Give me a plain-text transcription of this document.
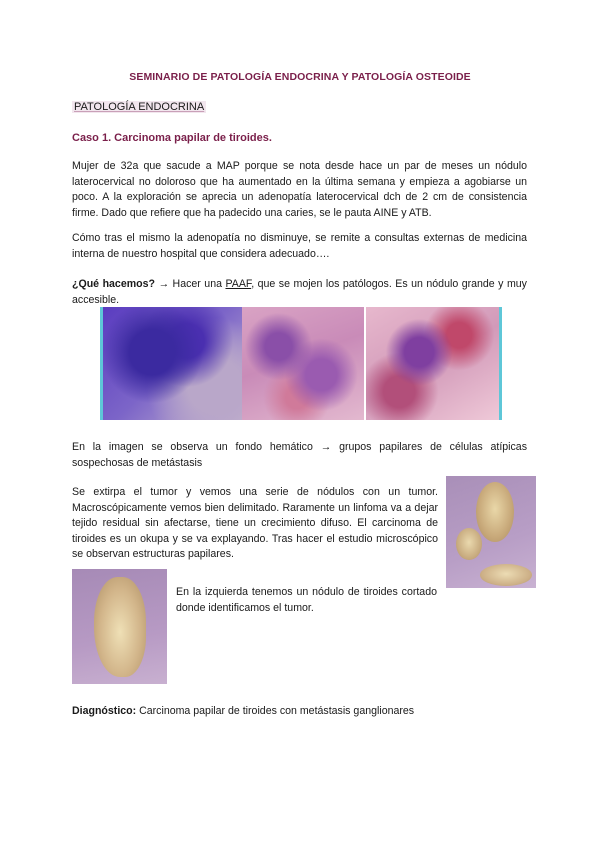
SEMINARIO DE PATOLOGÍA ENDOCRINA Y PATOLOGÍA OSTEOIDE
PATOLOGÍA ENDOCRINA
Caso 1. Carcinoma papilar de tiroides.
Mujer de 32a que sacude a MAP porque se nota desde hace un par de meses un nódulo laterocervical no doloroso que ha aumentado en la última semana y empieza a agobiarse un poco. A la exploración se aprecia un adenopatía laterocervical dch de 2 cm de consistencia firme. Dado que refiere que ha padecido una caries, se le pauta AINE y ATB.
Cómo tras el mismo la adenopatía no disminuye, se remite a consultas externas de medicina interna de nuestro hospital que considera adecuado….
¿Qué hacemos? → Hacer una PAAF, que se mojen los patólogos. Es un nódulo grande y muy accesible.
En la imagen se observa un fondo hemático → grupos papilares de células atípicas sospechosas de metástasis
Se extirpa el tumor y vemos una serie de nódulos con un tumor. Macroscópicamente vemos bien delimitado. Raramente un linfoma va a dejar tejido residual sin afectarse, tiene un crecimiento difuso. El carcinoma de tiroides es un okupa y se va explayando. Tras hacer el estudio microscópico se observan estructuras papilares.
En la izquierda tenemos un nódulo de tiroides cortado donde identificamos el tumor.
Diagnóstico: Carcinoma papilar de tiroides con metástasis ganglionares
